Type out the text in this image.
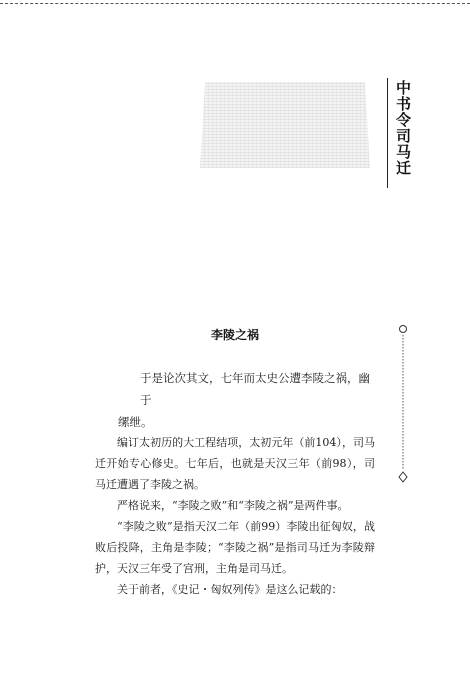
中书令司马迁
李陵之祸
于是论次其文，七年而太史公遭李陵之祸，幽于
缧绁。

编订太初历的大工程结项，太初元年（前104），司马迁开始专心修史。七年后，也就是天汉三年（前98），司马迁遭遇了李陵之祸。

严格说来，“李陵之败”和“李陵之祸”是两件事。

“李陵之败”是指天汉二年（前99）李陵出征匈奴，战败后投降，主角是李陵；“李陵之祸”是指司马迁为李陵辩护，天汉三年受了宫刑，主角是司马迁。

关于前者，《史记・匈奴列传》是这么记载的：
